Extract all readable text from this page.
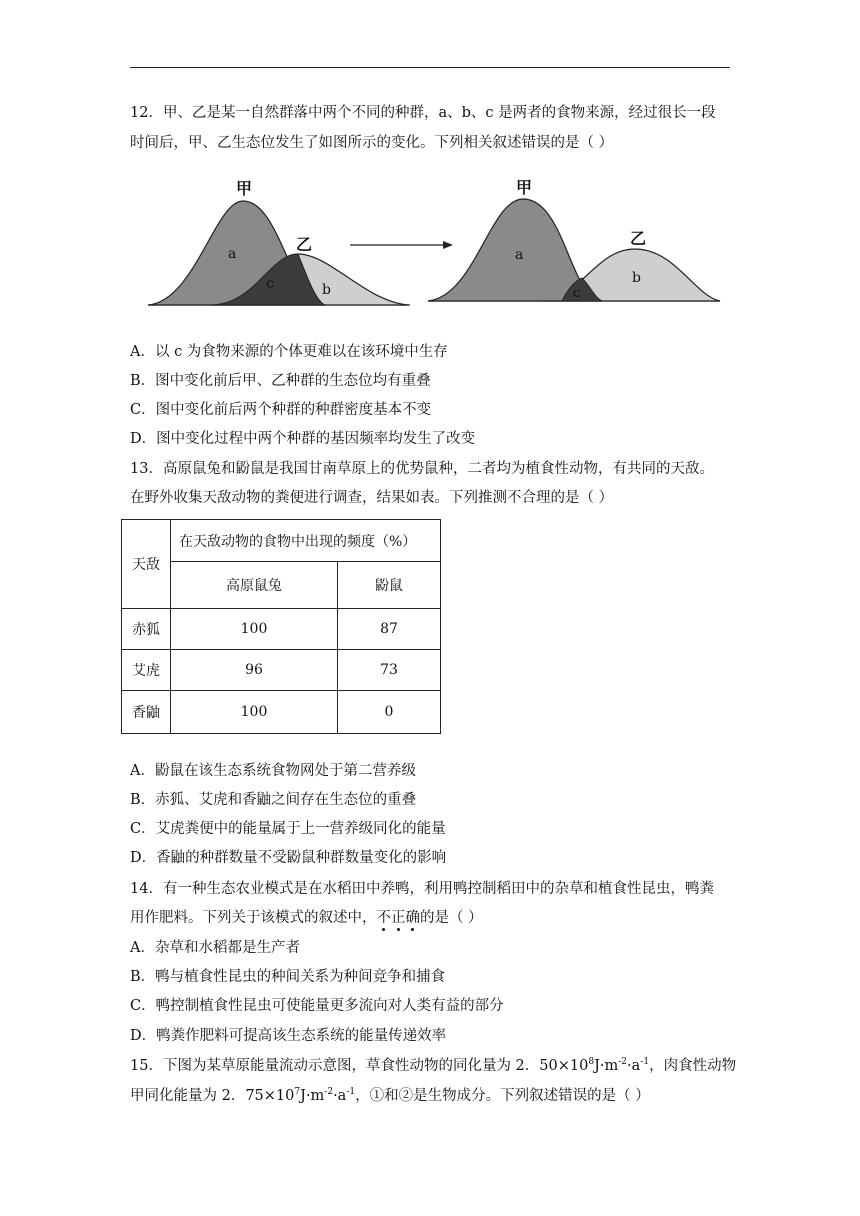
12．甲、乙是某一自然群落中两个不同的种群，a、b、c 是两者的食物来源，经过很长一段
时间后，甲、乙生态位发生了如图所示的变化。下列相关叙述错误的是（ ）
甲
乙
a
c	b
甲
乙
a
c
b
A．以 c 为食物来源的个体更难以在该环境中生存
B．图中变化前后甲、乙种群的生态位均有重叠
C．图中变化前后两个种群的种群密度基本不变
D．图中变化过程中两个种群的基因频率均发生了改变
13．高原鼠兔和鼢鼠是我国甘南草原上的优势鼠种，二者均为植食性动物，有共同的天敌。
在野外收集天敌动物的粪便进行调查，结果如表。下列推测不合理的是（ ）
天敌	在天敌动物的食物中出现的频度（%）	
	高原鼠兔	鼢鼠
赤狐	100	87
艾虎	96	73
香鼬	100	0
A．鼢鼠在该生态系统食物网处于第二营养级
B．赤狐、艾虎和香鼬之间存在生态位的重叠
C．艾虎粪便中的能量属于上一营养级同化的能量
D．香鼬的种群数量不受鼢鼠种群数量变化的影响
14．有一种生态农业模式是在水稻田中养鸭，利用鸭控制稻田中的杂草和植食性昆虫，鸭粪
用作肥料。下列关于该模式的叙述中，不
正
确
的是（ ）
A．杂草和水稻都是生产者
B．鸭与植食性昆虫的种间关系为种间竞争和捕食
C．鸭控制植食性昆虫可使能量更多流向对人类有益的部分
D．鸭粪作肥料可提高该生态系统的能量传递效率
15．下图为某草原能量流动示意图，草食性动物的同化量为 2．$50\times 10^8J\cdot m^{-2}\cdot a^{-1}$，肉食性动物
甲同化能量为 2．$75\times 10^7J\cdot m^{-2}\cdot a^{-1}$，①和②是生物成分。下列叙述错误的是（ ）
